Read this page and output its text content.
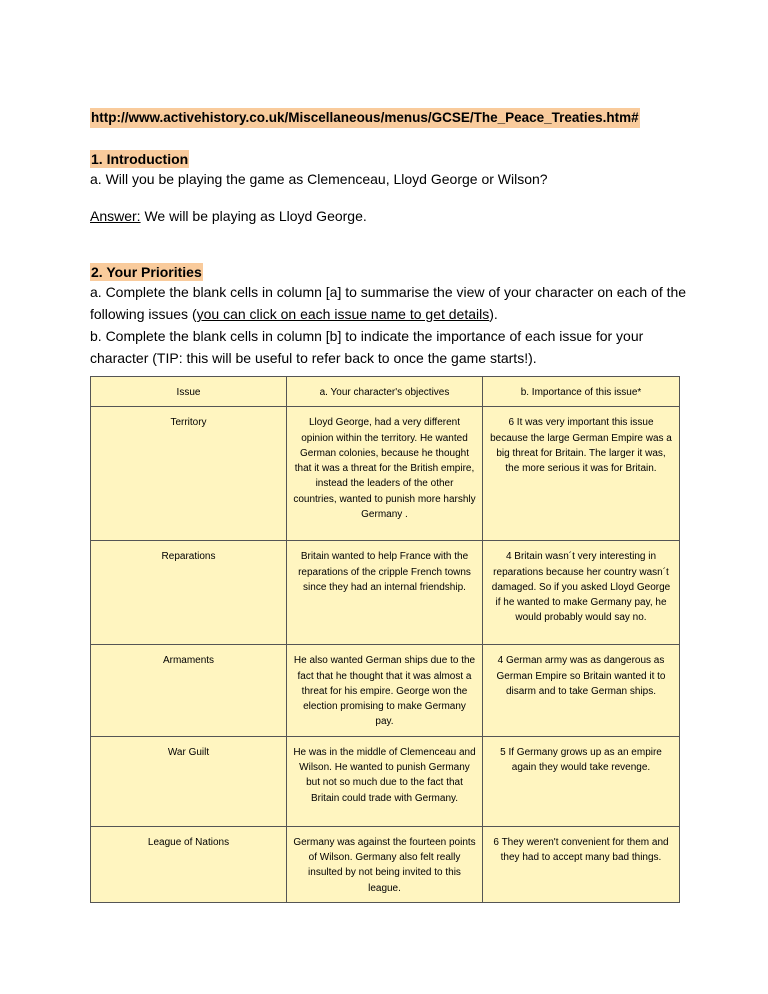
http://www.activehistory.co.uk/Miscellaneous/menus/GCSE/The_Peace_Treaties.htm#
1. Introduction
a. Will you be playing the game as Clemenceau, Lloyd George or Wilson?
Answer: We will be playing as Lloyd George.
2. Your Priorities
a. Complete the blank cells in column [a] to summarise the view of your character on each of the following issues (you can click on each issue name to get details).
b. Complete the blank cells in column [b] to indicate the importance of each issue for your character (TIP: this will be useful to refer back to once the game starts!).
Issue	a. Your character's objectives	b. Importance of this issue*
Territory	Lloyd George, had a very different opinion within the territory. He wanted German colonies, because he thought that it was a threat for the British empire, instead the leaders of the other countries, wanted to punish more harshly Germany .	6 It was very important this issue because the large German Empire was a big threat for Britain. The larger it was, the more serious it was for Britain.
Reparations	Britain wanted to help France with the reparations of the cripple French towns since they had an internal friendship.	4 Britain wasn´t very interesting in reparations because her country wasn´t damaged. So if you asked Lloyd George if he wanted to make Germany pay, he would probably would say no.
Armaments	He also wanted German ships due to the fact that he thought that it was almost a threat for his empire. George won the election promising to make Germany pay.	4 German army was as dangerous as German Empire so Britain wanted it to disarm and to take German ships.
War Guilt	He was in the middle of Clemenceau and Wilson. He wanted to punish Germany but not so much due to the fact that Britain could trade with Germany.	5 If Germany grows up as an empire again they would take revenge.
League of Nations	Germany was against the fourteen points of Wilson. Germany also felt really insulted by not being invited to this league.	6 They weren't convenient for them and they had to accept many bad things.
